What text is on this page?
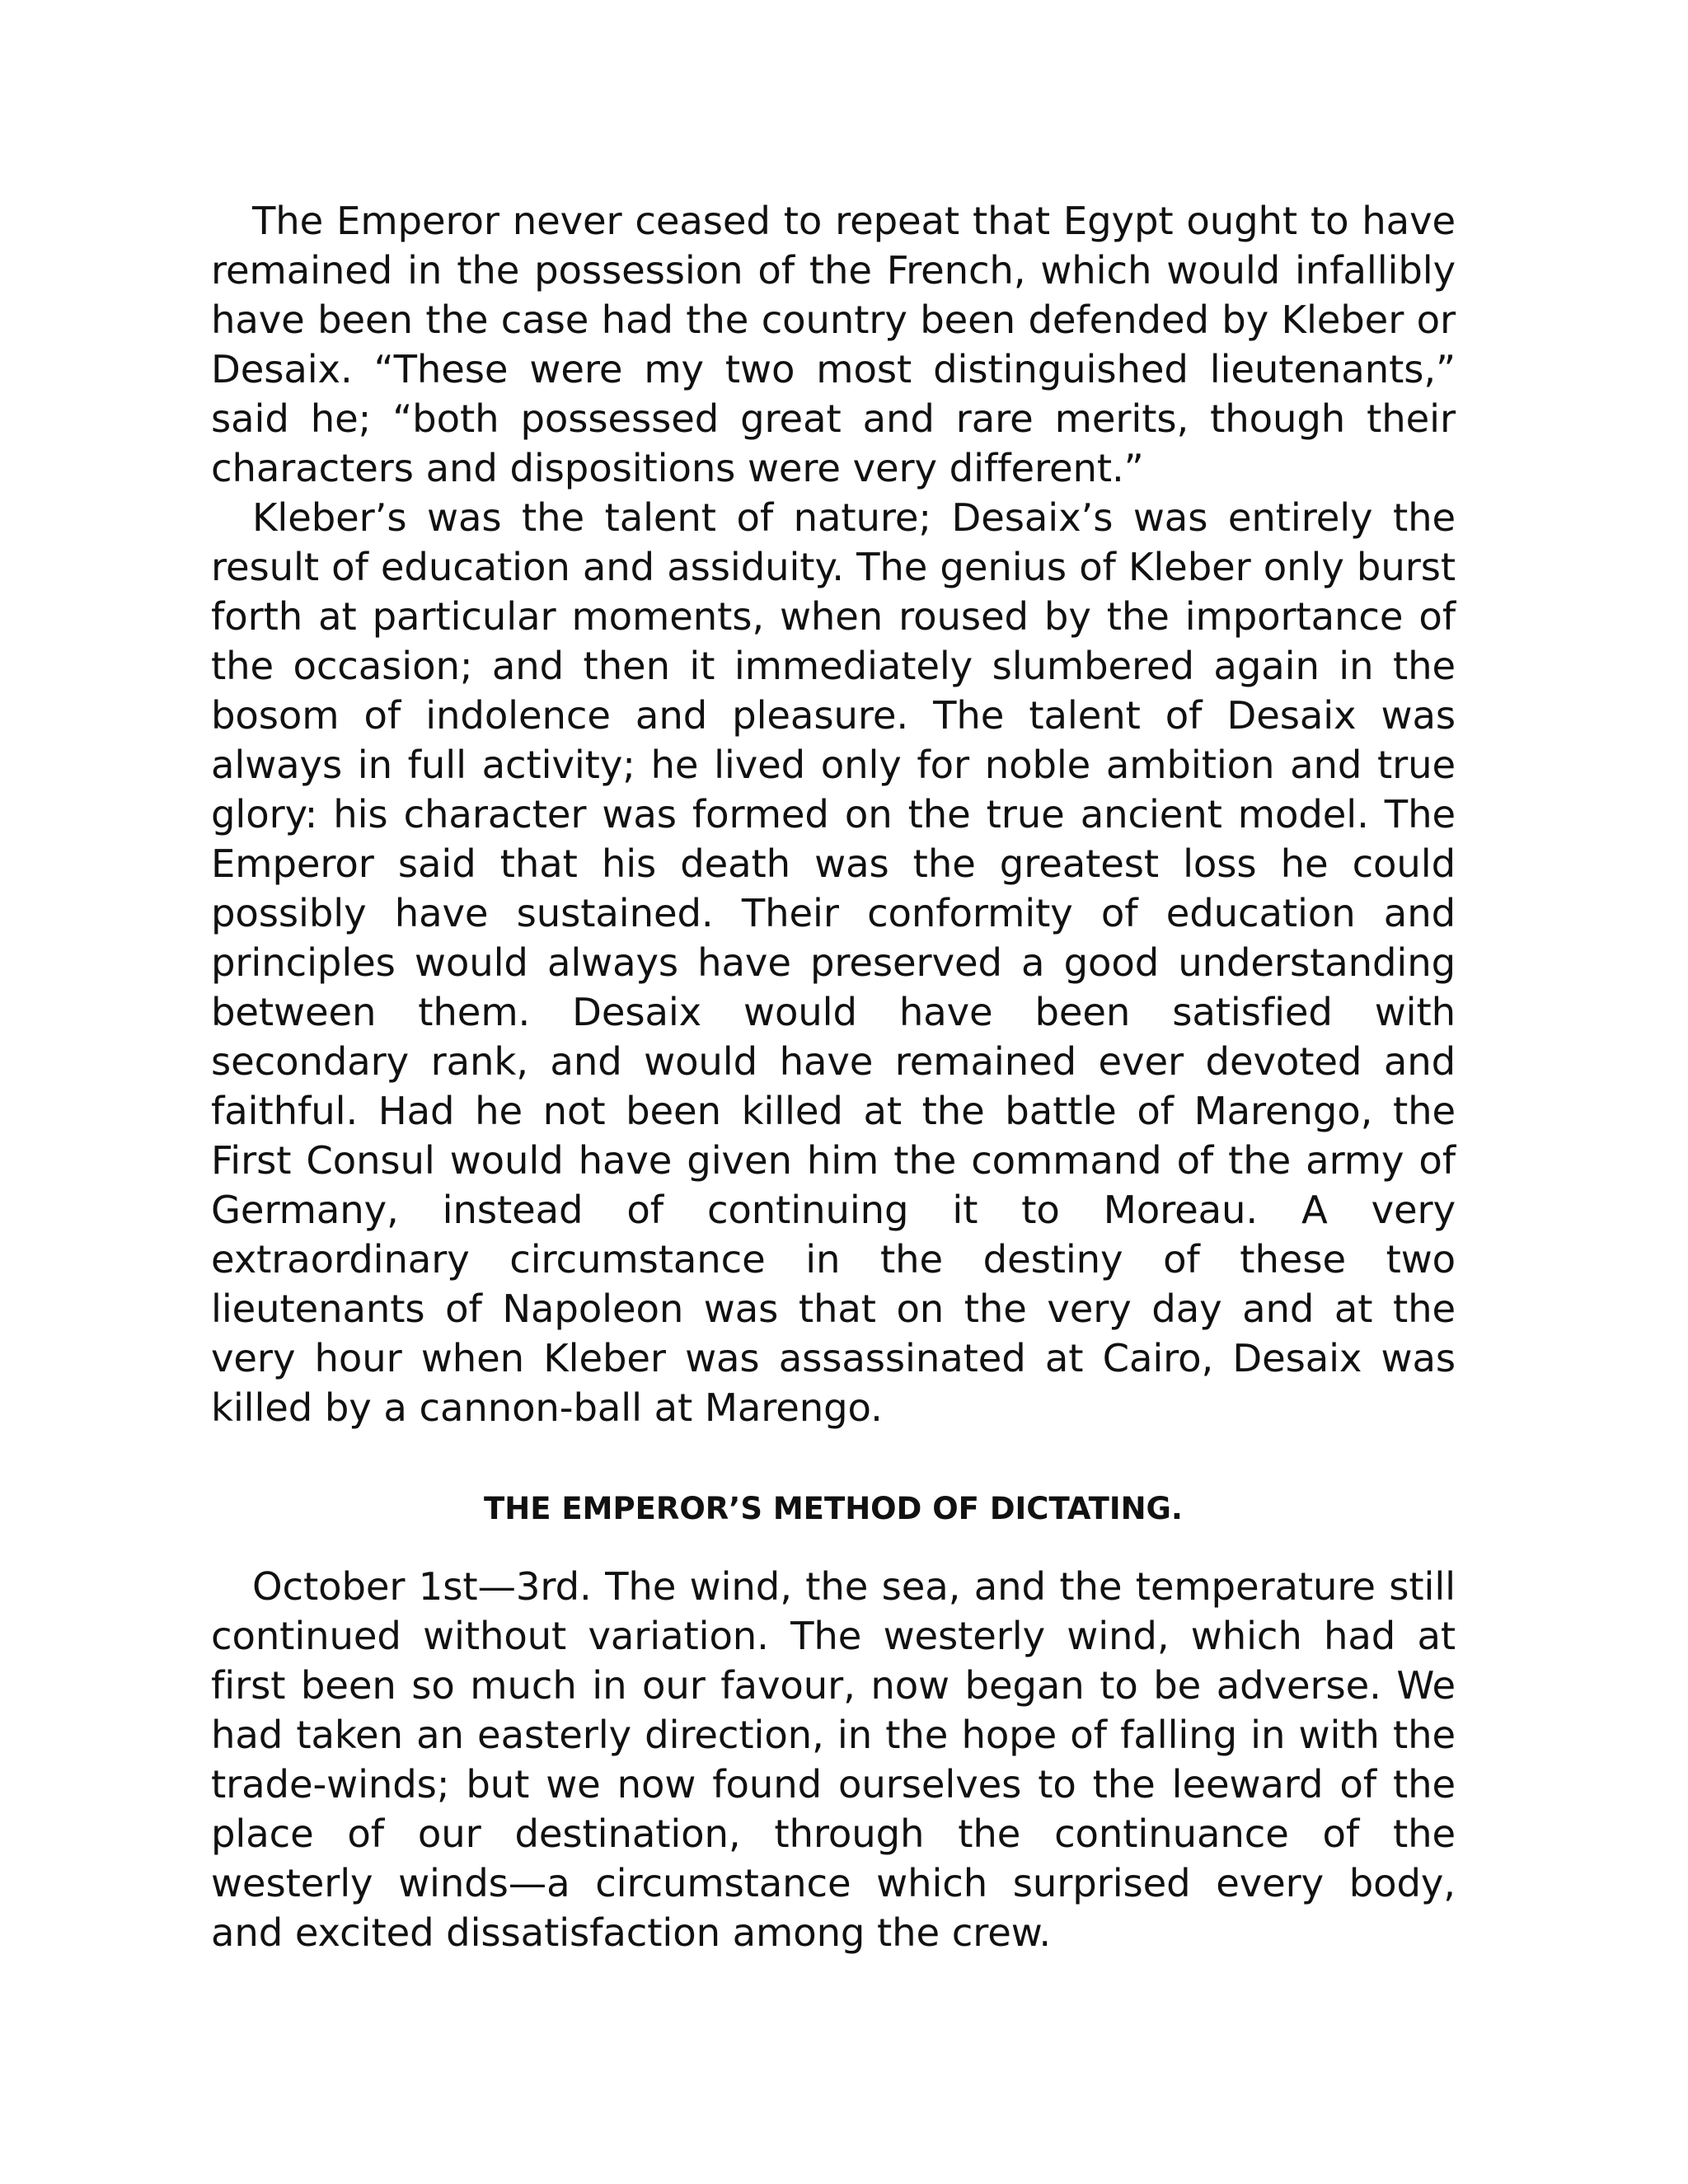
The Emperor never ceased to repeat that Egypt ought to have remained in the possession of the French, which would infallibly have been the case had the country been defended by Kleber or Desaix. “These were my two most distinguished lieutenants,” said he; “both possessed great and rare merits, though their characters and dispositions were very different.”

Kleber’s was the talent of nature; Desaix’s was entirely the result of education and assiduity. The genius of Kleber only burst forth at particular moments, when roused by the importance of the occasion; and then it immediately slumbered again in the bosom of indolence and pleasure. The talent of Desaix was always in full activity; he lived only for noble ambition and true glory: his character was formed on the true ancient model. The Emperor said that his death was the greatest loss he could possibly have sustained. Their conformity of education and principles would always have preserved a good understanding between them. Desaix would have been satisfied with secondary rank, and would have remained ever devoted and faithful. Had he not been killed at the battle of Marengo, the First Consul would have given him the command of the army of Germany, instead of continuing it to Moreau. A very extraordinary circumstance in the destiny of these two lieutenants of Napoleon was that on the very day and at the very hour when Kleber was assassinated at Cairo, Desaix was killed by a cannon-ball at Marengo.

THE EMPEROR’S METHOD OF DICTATING.

October 1st—3rd. The wind, the sea, and the temperature still continued without variation. The westerly wind, which had at first been so much in our favour, now began to be adverse. We had taken an easterly direction, in the hope of falling in with the trade-winds; but we now found ourselves to the leeward of the place of our destination, through the continuance of the westerly winds—a circumstance which surprised every body, and excited dissatisfaction among the crew.
